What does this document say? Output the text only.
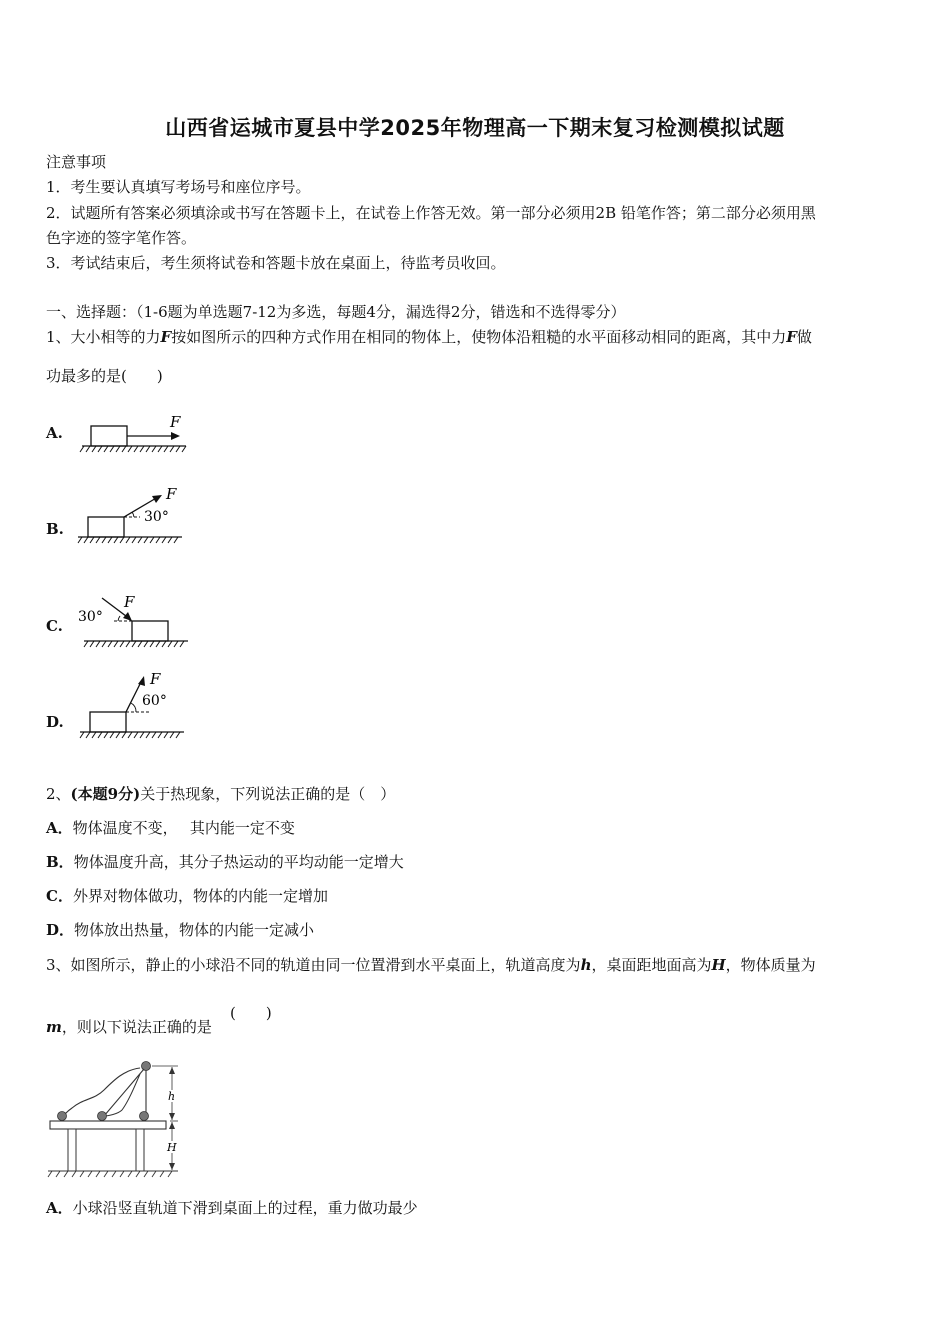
山西省运城市夏县中学2025年物理高一下期末复习检测模拟试题
注意事项
1．考生要认真填写考场号和座位序号。
2．试题所有答案必须填涂或书写在答题卡上，在试卷上作答无效。第一部分必须用2B 铅笔作答；第二部分必须用黑
色字迹的签字笔作答。
3．考试结束后，考生须将试卷和答题卡放在桌面上，待监考员收回。
一、选择题：（1-6题为单选题7-12为多选，每题4分，漏选得2分，错选和不选得零分）
1、大小相等的力F按如图所示的四种方式作用在相同的物体上，使物体沿粗糙的水平面移动相同的距离，其中力F做
功最多的是(　　)
A.
F
B.
F
30°
C.
F
30°
D.
F
60°
2、(本题9分)关于热现象，下列说法正确的是（　）
A．物体温度不变，　 其内能一定不变
B．物体温度升高，其分子热运动的平均动能一定增大
C．外界对物体做功，物体的内能一定增加
D．物体放出热量，物体的内能一定减小
3、如图所示，静止的小球沿不同的轨道由同一位置滑到水平桌面上，轨道高度为h，桌面距地面高为H，物体质量为
m，则以下说法正确的是
(　　)
h
H
A．小球沿竖直轨道下滑到桌面上的过程，重力做功最少
